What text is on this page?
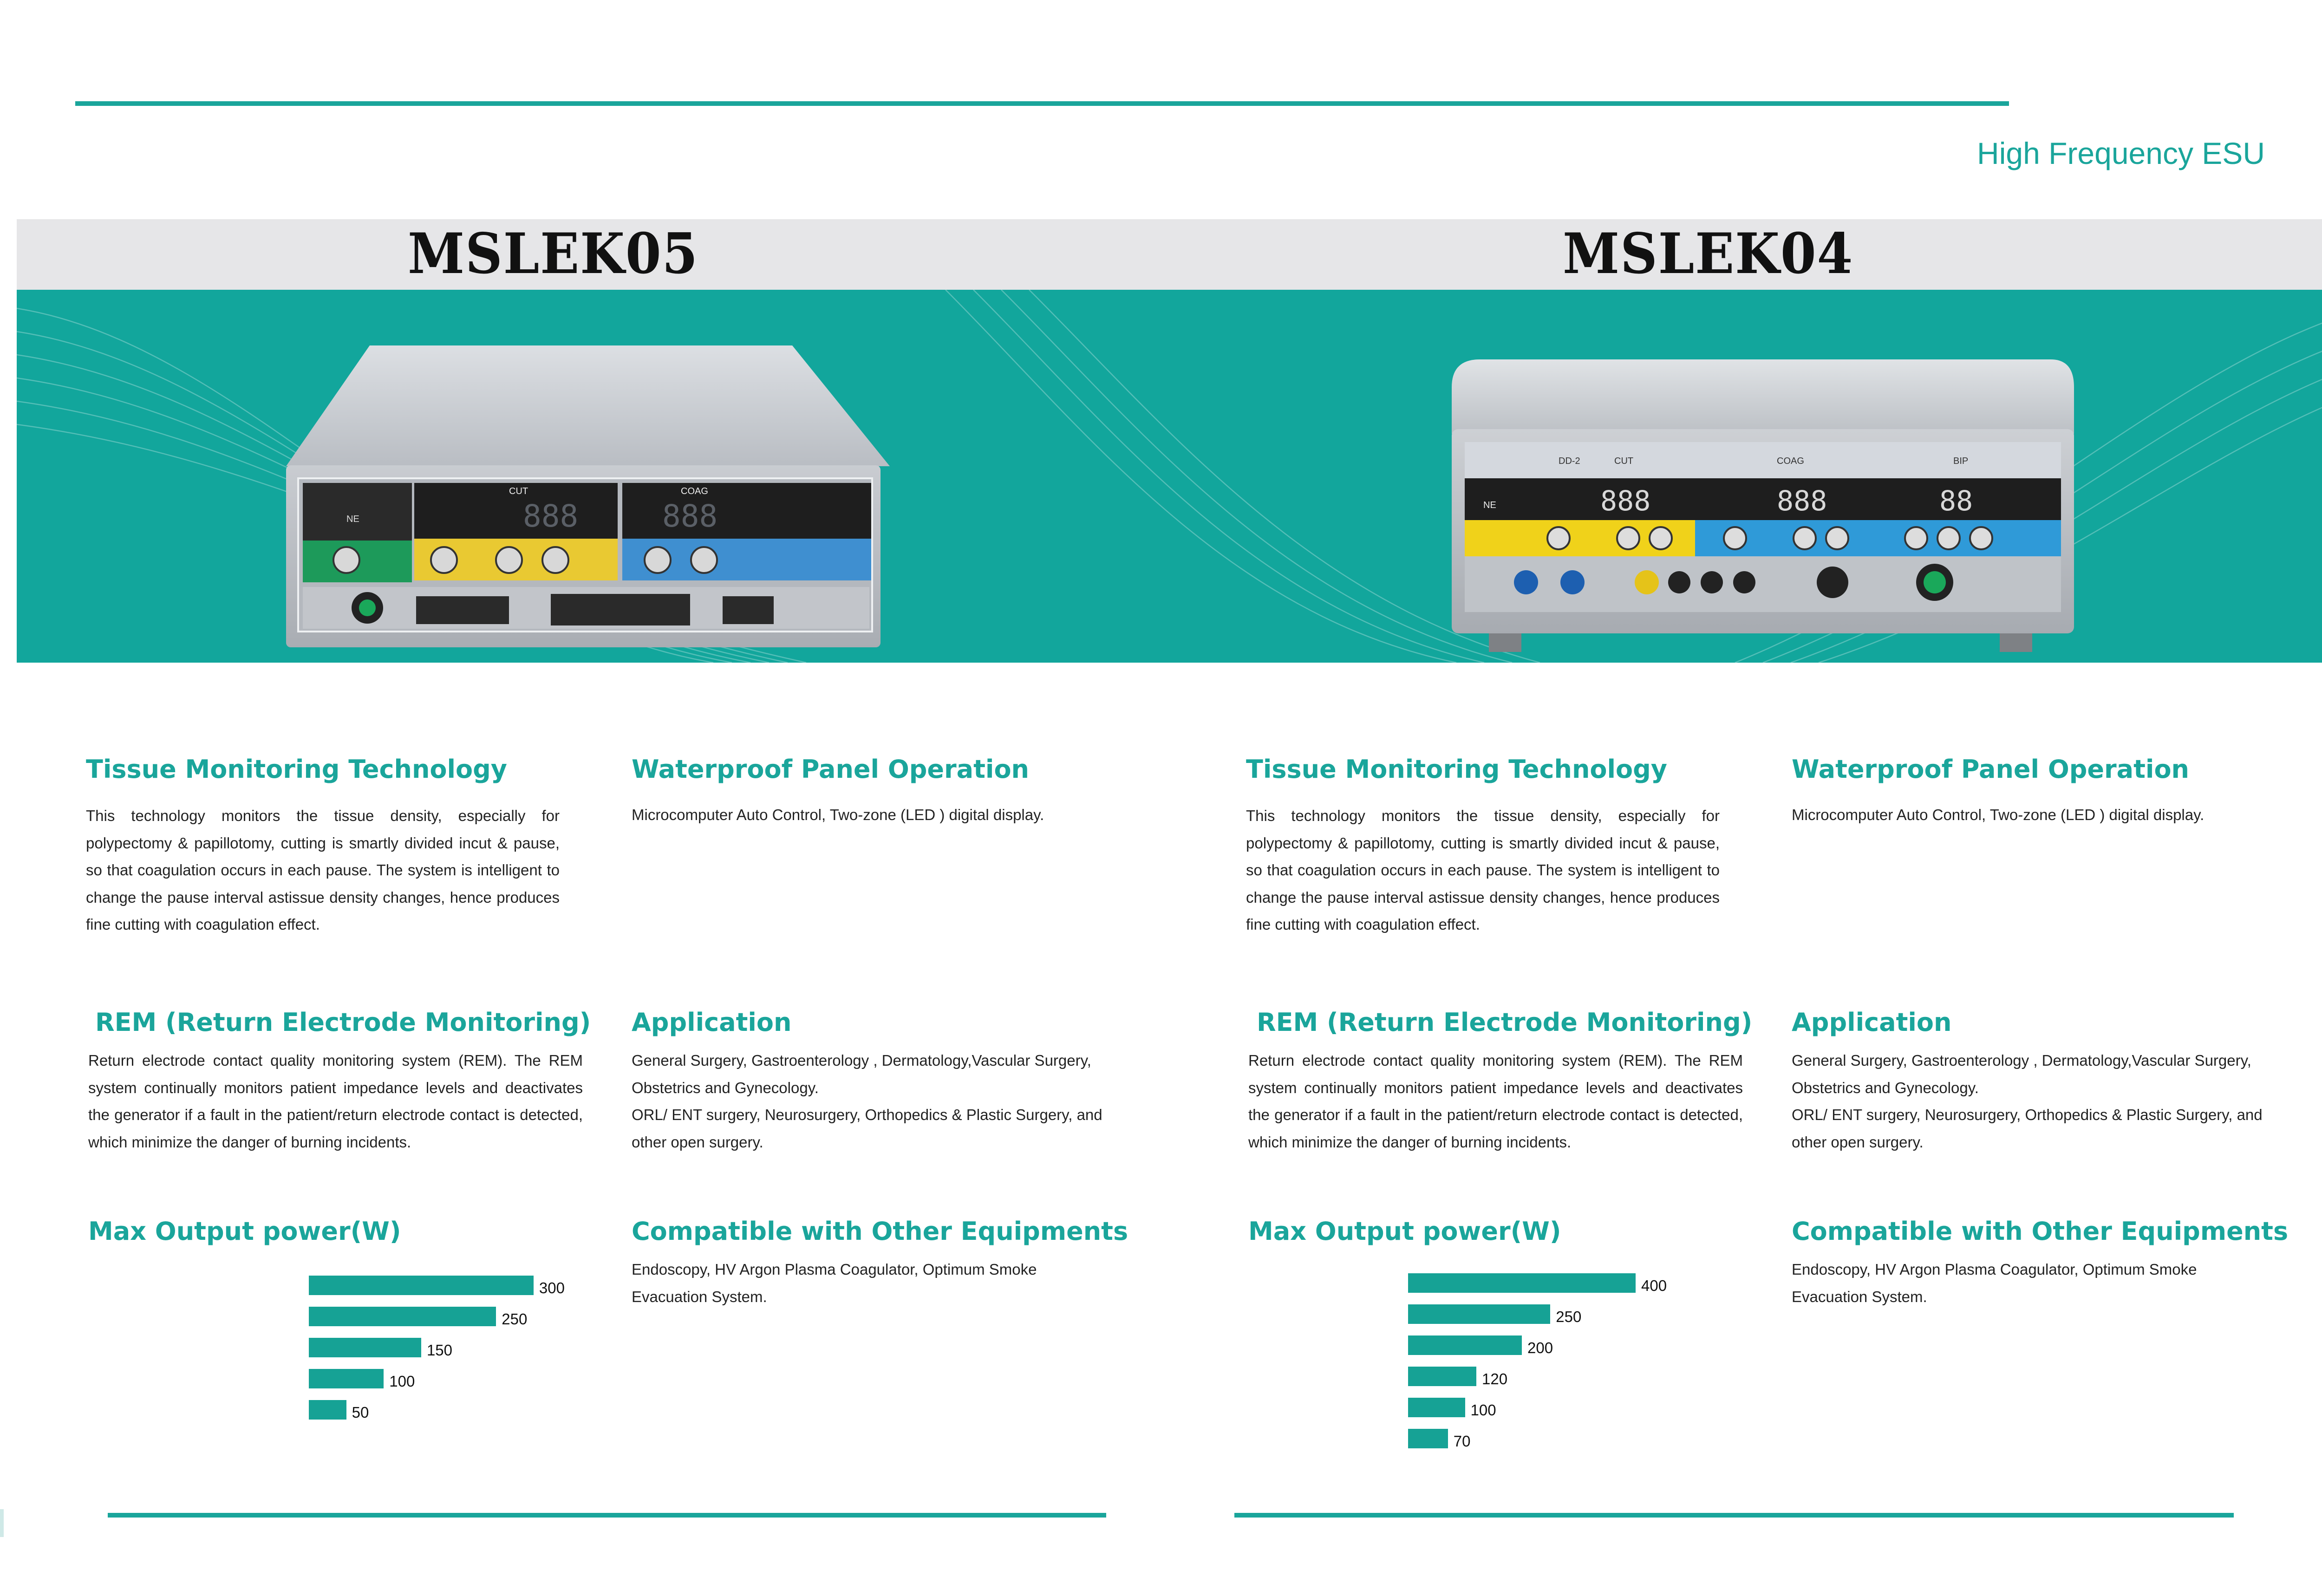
High Frequency ESU
MSLEK05	MSLEK04
NE
CUT	COAG
888	888
DD-2	CUT	COAG	BIP
NE	888	888	88
Tissue Monitoring Technology

This technology monitors the tissue density, especially for polypectomy & papillotomy, cutting is smartly divided incut & pause, so that coagulation occurs in each pause. The system is intelligent to change the pause interval astissue density changes, hence produces fine cutting with coagulation effect.

Waterproof Panel Operation

Microcomputer Auto Control, Two-zone (LED ) digital display.

REM (Return Electrode Monitoring)

Return electrode contact quality monitoring system (REM). The REM system continually monitors patient impedance levels and deactivates the generator if a fault in the patient/return electrode contact is detected, which minimize the danger of burning incidents.

Application

General Surgery, Gastroenterology , Dermatology,Vascular Surgery, Obstetrics and Gynecology.

ORL/ ENT surgery, Neurosurgery, Orthopedics & Plastic Surgery, and other open surgery.

Max Output power(W)	Compatible with Other Equipments

Endoscopy, HV Argon Plasma Coagulator, Optimum Smoke Evacuation System.

Tissue Monitoring Technology

This technology monitors the tissue density, especially for polypectomy & papillotomy, cutting is smartly divided incut & pause, so that coagulation occurs in each pause. The system is intelligent to change the pause interval astissue density changes, hence produces fine cutting with coagulation effect.

Waterproof Panel Operation

Microcomputer Auto Control, Two-zone (LED ) digital display.

REM (Return Electrode Monitoring)

Return electrode contact quality monitoring system (REM). The REM system continually monitors patient impedance levels and deactivates the generator if a fault in the patient/return electrode contact is detected, which minimize the danger of burning incidents.

Application

General Surgery, Gastroenterology , Dermatology,Vascular Surgery, Obstetrics and Gynecology.

ORL/ ENT surgery, Neurosurgery, Orthopedics & Plastic Surgery, and other open surgery.

Max Output power(W)	Compatible with Other Equipments

Endoscopy, HV Argon Plasma Coagulator, Optimum Smoke Evacuation System.

300
250
150
100
50
400
250
200
120
100
70
